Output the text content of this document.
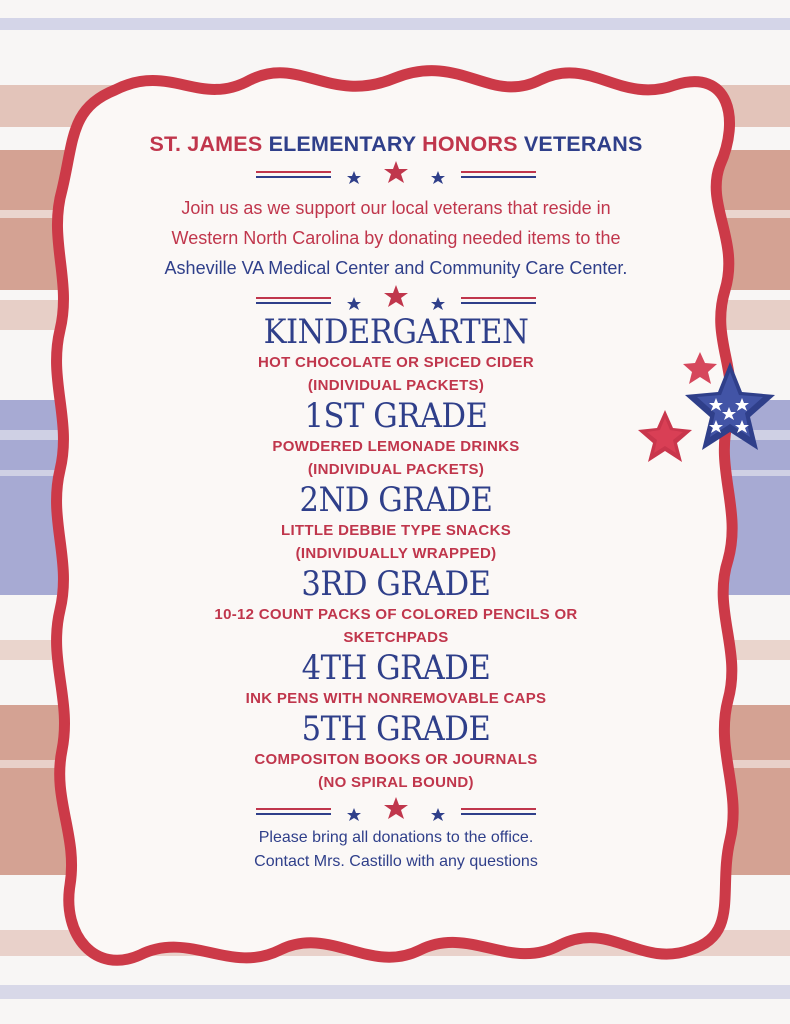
ST. JAMES ELEMENTARY HONORS VETERANS
Join us as we support our local veterans that reside in
Western North Carolina by donating needed items to the
Asheville VA Medical Center and Community Care Center.
KINDERGARTEN
HOT CHOCOLATE OR SPICED CIDER
(INDIVIDUAL PACKETS)
1ST GRADE
POWDERED LEMONADE DRINKS
(INDIVIDUAL PACKETS)
2ND GRADE
LITTLE DEBBIE TYPE SNACKS
(INDIVIDUALLY WRAPPED)
3RD GRADE
10-12 COUNT PACKS OF COLORED PENCILS OR
SKETCHPADS
4TH GRADE
INK PENS WITH NONREMOVABLE CAPS
5TH GRADE
COMPOSITON BOOKS OR JOURNALS
(NO SPIRAL BOUND)
Please bring all donations to the office.
Contact Mrs. Castillo with any questions
